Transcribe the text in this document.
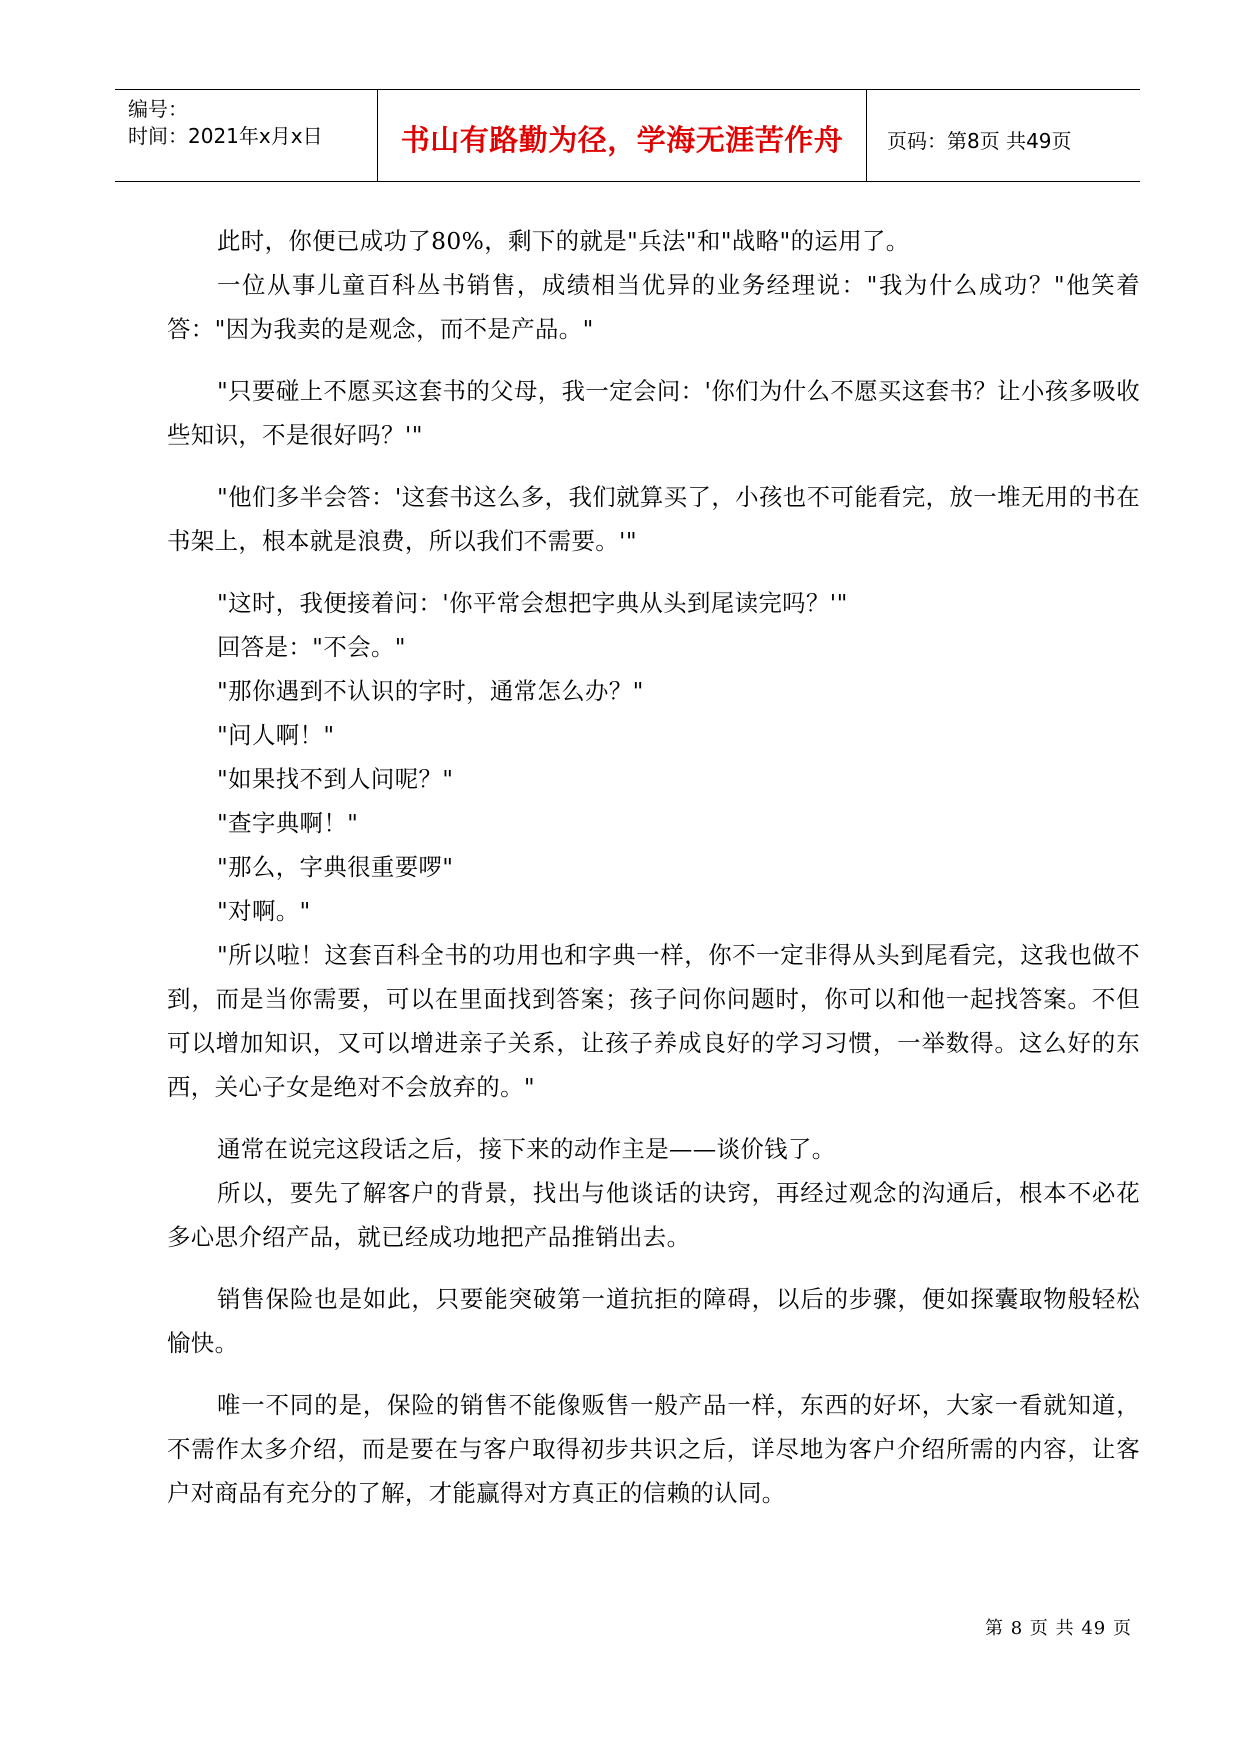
编号：
时间：2021年x月x日	书山有路勤为径，学海无涯苦作舟	页码：第8页 共49页

此时，你便已成功了80%，剩下的就是"兵法"和"战略"的运用了。

一位从事儿童百科丛书销售，成绩相当优异的业务经理说："我为什么成功？"他笑着答："因为我卖的是观念，而不是产品。"

"只要碰上不愿买这套书的父母，我一定会问：'你们为什么不愿买这套书？让小孩多吸收些知识，不是很好吗？'"

"他们多半会答：'这套书这么多，我们就算买了，小孩也不可能看完，放一堆无用的书在书架上，根本就是浪费，所以我们不需要。'"

"这时，我便接着问：'你平常会想把字典从头到尾读完吗？'"

回答是："不会。"

"那你遇到不认识的字时，通常怎么办？"

"问人啊！"

"如果找不到人问呢？"

"查字典啊！"

"那么，字典很重要啰"

"对啊。"

"所以啦！这套百科全书的功用也和字典一样，你不一定非得从头到尾看完，这我也做不到，而是当你需要，可以在里面找到答案；孩子问你问题时，你可以和他一起找答案。不但可以增加知识，又可以增进亲子关系，让孩子养成良好的学习习惯，一举数得。这么好的东西，关心子女是绝对不会放弃的。"

通常在说完这段话之后，接下来的动作主是——谈价钱了。

所以，要先了解客户的背景，找出与他谈话的诀窍，再经过观念的沟通后，根本不必花多心思介绍产品，就已经成功地把产品推销出去。

销售保险也是如此，只要能突破第一道抗拒的障碍，以后的步骤，便如探囊取物般轻松愉快。

唯一不同的是，保险的销售不能像贩售一般产品一样，东西的好坏，大家一看就知道，不需作太多介绍，而是要在与客户取得初步共识之后，详尽地为客户介绍所需的内容，让客户对商品有充分的了解，才能赢得对方真正的信赖的认同。

第 8 页 共 49 页
